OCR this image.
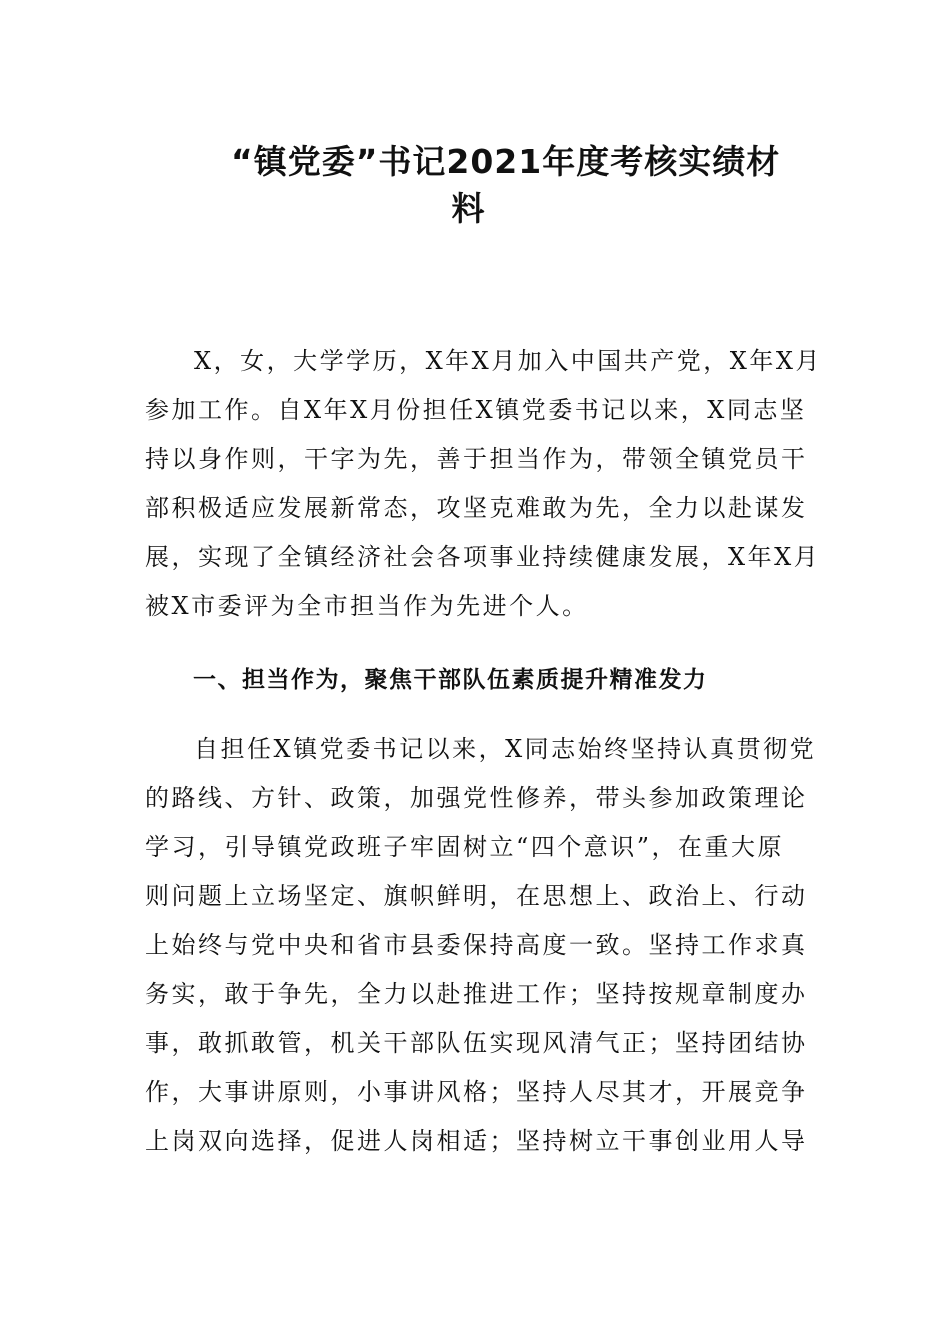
“镇党委”书记2021年度考核实绩材
料

X，女，大学学历，X年X月加入中国共产党，X年X月
参加工作。自X年X月份担任X镇党委书记以来，X同志坚
持以身作则，干字为先，善于担当作为，带领全镇党员干
部积极适应发展新常态，攻坚克难敢为先，全力以赴谋发
展，实现了全镇经济社会各项事业持续健康发展，X年X月
被X市委评为全市担当作为先进个人。

一、担当作为，聚焦干部队伍素质提升精准发力

自担任X镇党委书记以来，X同志始终坚持认真贯彻党
的路线、方针、政策，加强党性修养，带头参加政策理论
学习，引导镇党政班子牢固树立“四个意识”，在重大原
则问题上立场坚定、旗帜鲜明，在思想上、政治上、行动
上始终与党中央和省市县委保持高度一致。坚持工作求真
务实，敢于争先，全力以赴推进工作；坚持按规章制度办
事，敢抓敢管，机关干部队伍实现风清气正；坚持团结协
作，大事讲原则，小事讲风格；坚持人尽其才，开展竞争
上岗双向选择，促进人岗相适；坚持树立干事创业用人导
